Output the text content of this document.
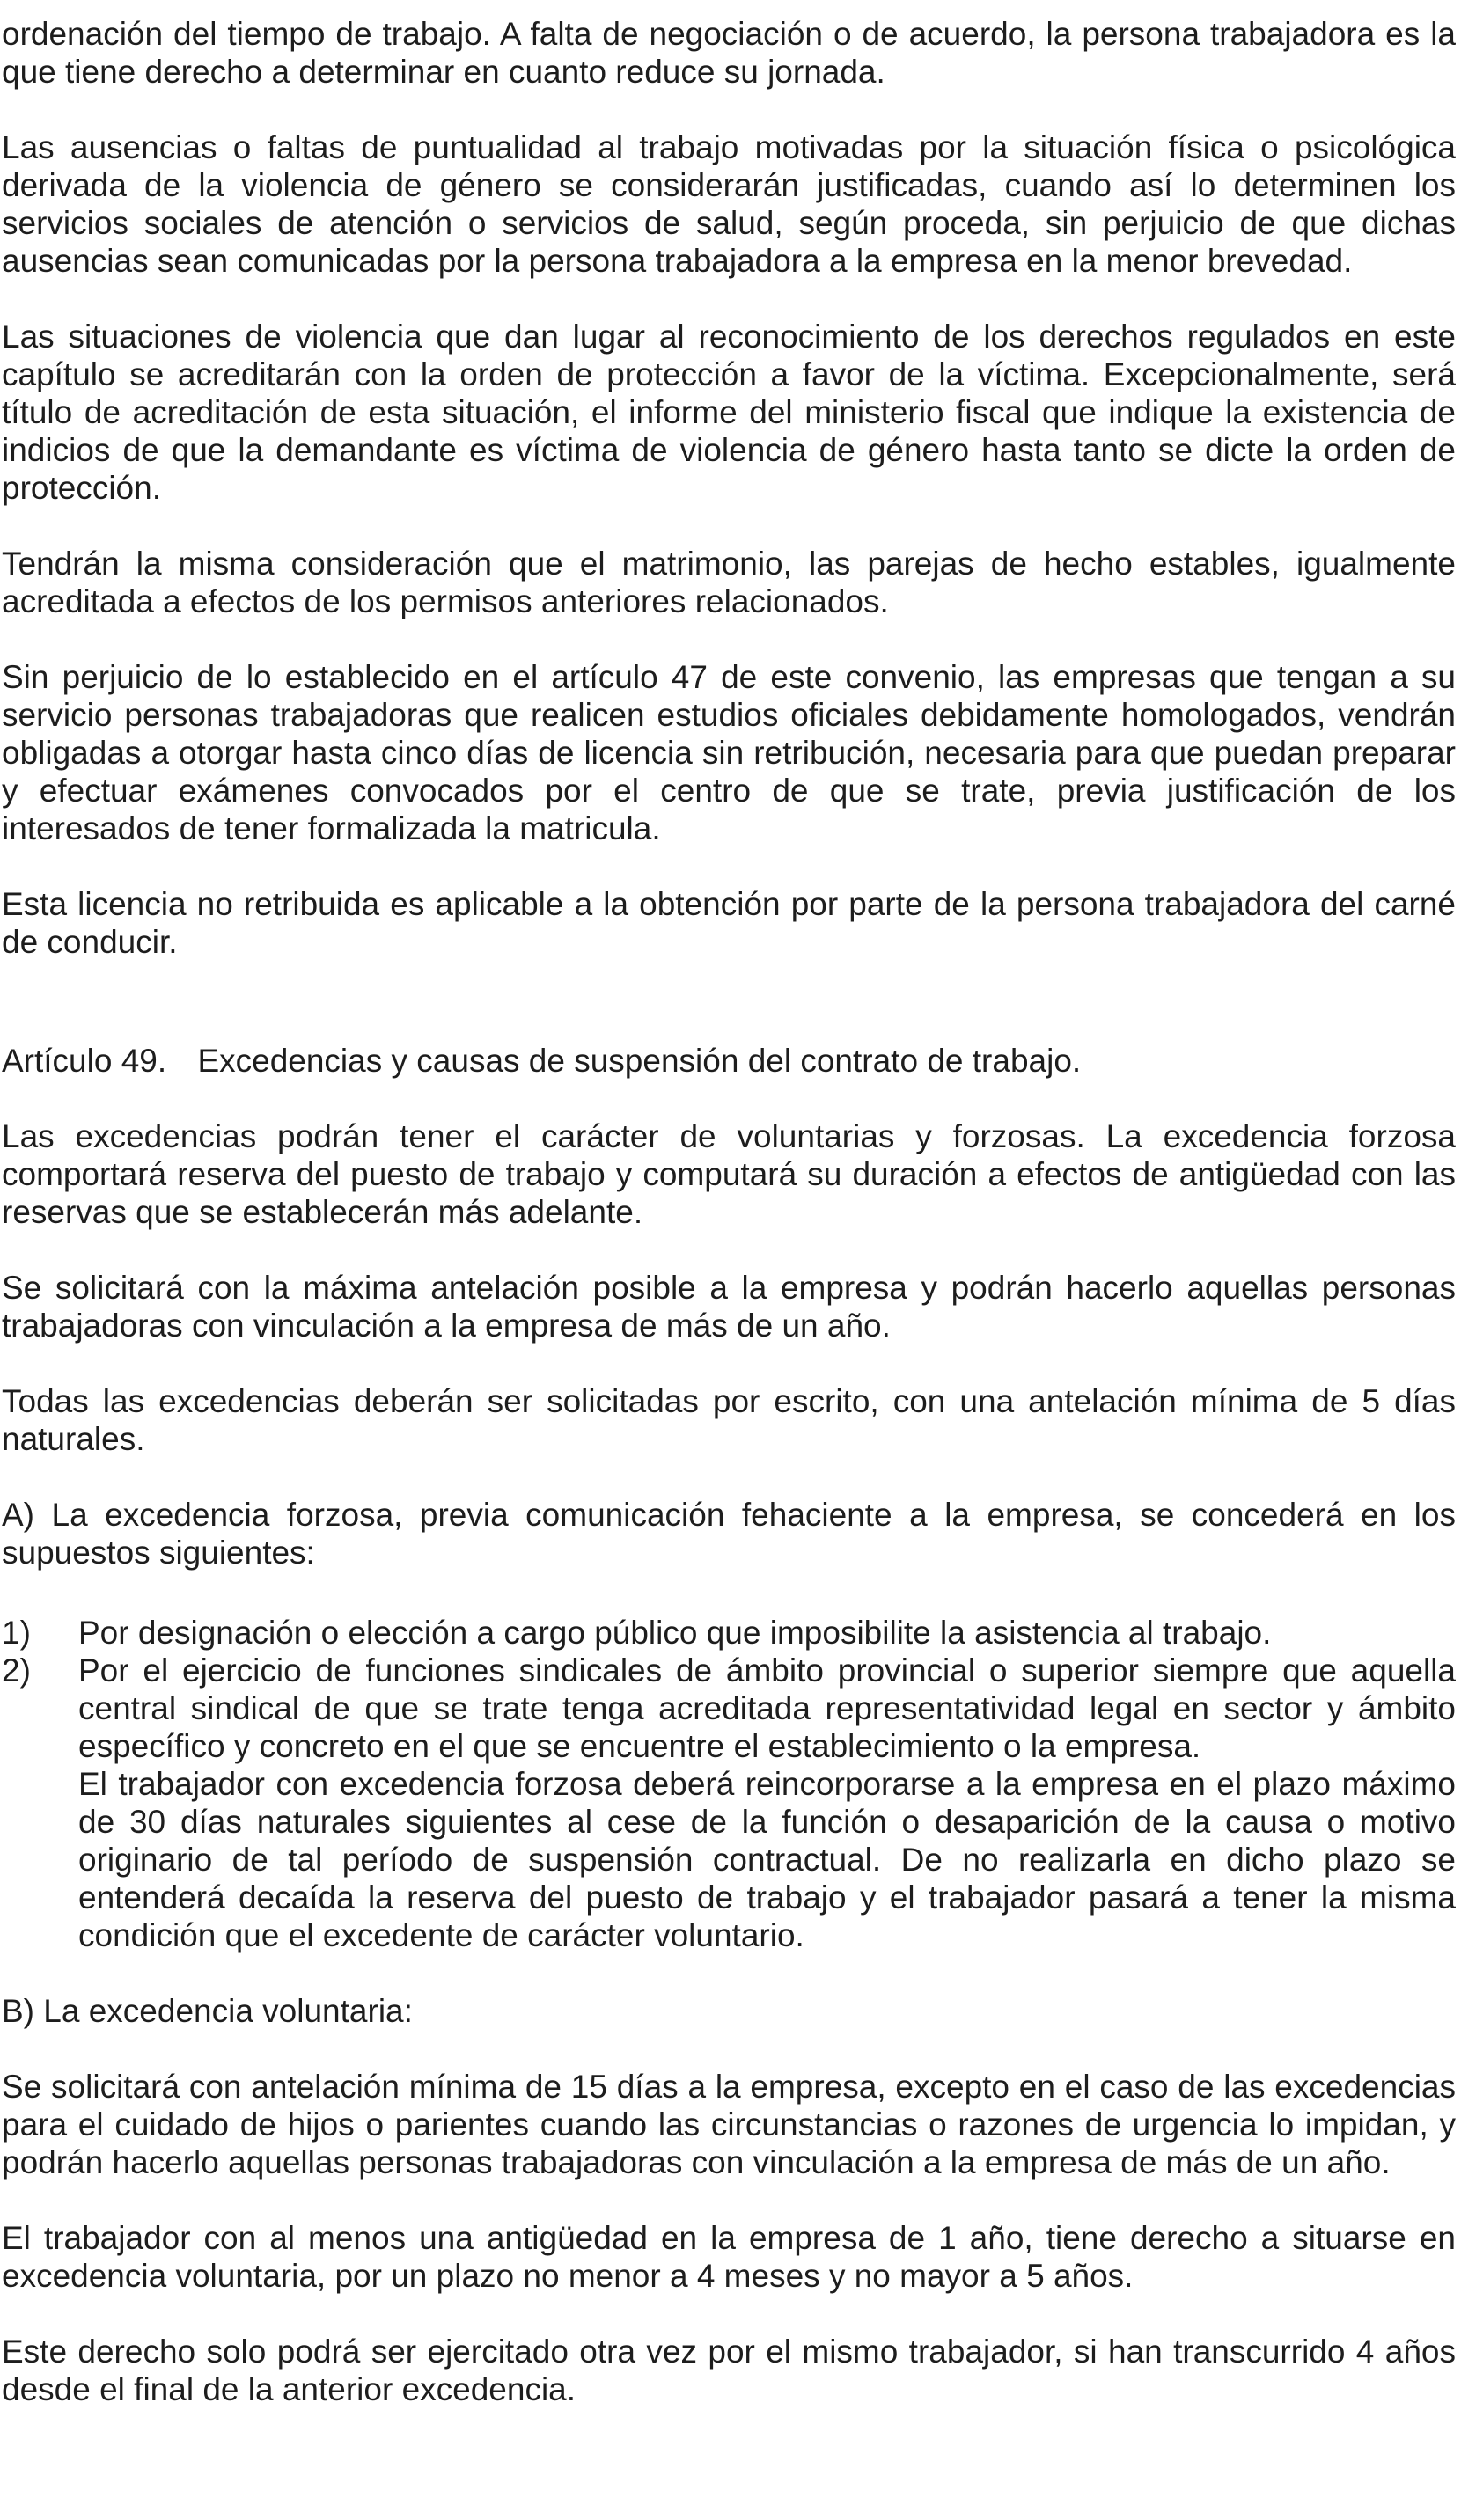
ordenación del tiempo de trabajo. A falta de negociación o de acuerdo, la persona trabajadora es la que tiene derecho a determinar en cuanto reduce su jornada.

Las ausencias o faltas de puntualidad al trabajo motivadas por la situación física o psicológica derivada de la violencia de género se considerarán justificadas, cuando así lo determinen los servicios sociales de atención o servicios de salud, según proceda, sin perjuicio de que dichas ausencias sean comunicadas por la persona trabajadora a la empresa en la menor brevedad.

Las situaciones de violencia que dan lugar al reconocimiento de los derechos regulados en este capítulo se acreditarán con la orden de protección a favor de la víctima. Excepcionalmente, será título de acreditación de esta situación, el informe del ministerio fiscal que indique la existencia de indicios de que la demandante es víctima de violencia de género hasta tanto se dicte la orden de protección.

Tendrán la misma consideración que el matrimonio, las parejas de hecho estables, igualmente acreditada a efectos de los permisos anteriores relacionados.

Sin perjuicio de lo establecido en el artículo 47 de este convenio, las empresas que tengan a su servicio personas trabajadoras que realicen estudios oficiales debidamente homologados, vendrán obligadas a otorgar hasta cinco días de licencia sin retribución, necesaria para que puedan preparar y efectuar exámenes convocados por el centro de que se trate, previa justificación de los interesados de tener formalizada la matricula.

Esta licencia no retribuida es aplicable a la obtención por parte de la persona trabajadora del carné de conducir.

Artículo 49. Excedencias y causas de suspensión del contrato de trabajo.

Las excedencias podrán tener el carácter de voluntarias y forzosas. La excedencia forzosa comportará reserva del puesto de trabajo y computará su duración a efectos de antigüedad con las reservas que se establecerán más adelante.

Se solicitará con la máxima antelación posible a la empresa y podrán hacerlo aquellas personas trabajadoras con vinculación a la empresa de más de un año.

Todas las excedencias deberán ser solicitadas por escrito, con una antelación mínima de 5 días naturales.

A) La excedencia forzosa, previa comunicación fehaciente a la empresa, se concederá en los supuestos siguientes:

1) Por designación o elección a cargo público que imposibilite la asistencia al trabajo.

2) Por el ejercicio de funciones sindicales de ámbito provincial o superior siempre que aquella central sindical de que se trate tenga acreditada representatividad legal en sector y ámbito específico y concreto en el que se encuentre el establecimiento o la empresa.

El trabajador con excedencia forzosa deberá reincorporarse a la empresa en el plazo máximo de 30 días naturales siguientes al cese de la función o desaparición de la causa o motivo originario de tal período de suspensión contractual. De no realizarla en dicho plazo se entenderá decaída la reserva del puesto de trabajo y el trabajador pasará a tener la misma condición que el excedente de carácter voluntario.

B) La excedencia voluntaria:

Se solicitará con antelación mínima de 15 días a la empresa, excepto en el caso de las excedencias para el cuidado de hijos o parientes cuando las circunstancias o razones de urgencia lo impidan, y podrán hacerlo aquellas personas trabajadoras con vinculación a la empresa de más de un año.

El trabajador con al menos una antigüedad en la empresa de 1 año, tiene derecho a situarse en excedencia voluntaria, por un plazo no menor a 4 meses y no mayor a 5 años.

Este derecho solo podrá ser ejercitado otra vez por el mismo trabajador, si han transcurrido 4 años desde el final de la anterior excedencia.
